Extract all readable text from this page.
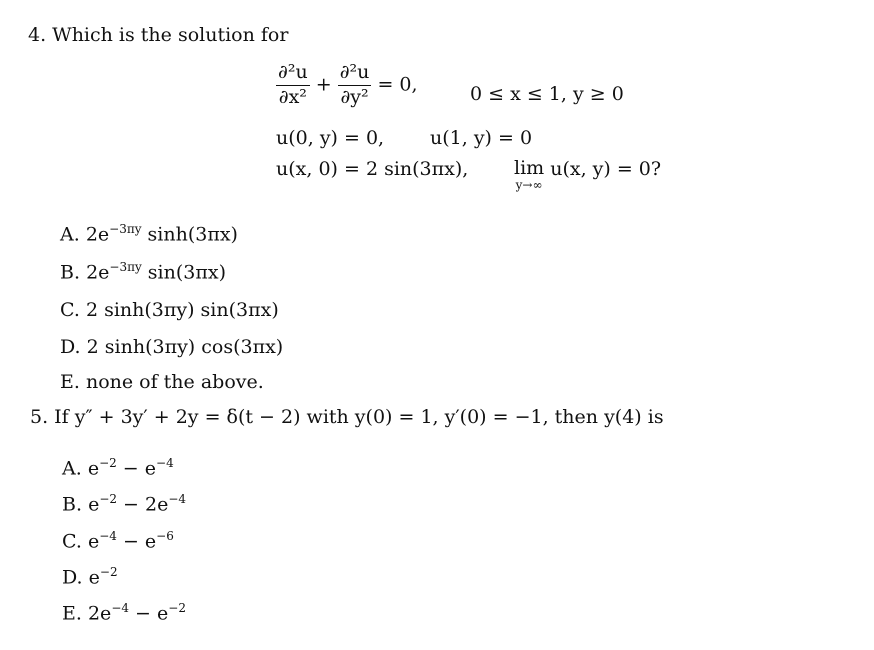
4. Which is the solution for
$\frac{\text{∂²u}}{\text{∂x²}} + \frac{\text{∂²u}}{\text{∂y²}} = 0$,	0 ≤ x ≤ 1, y ≥ 0
u(0, y) = 0, u(1, y) = 0
u(x, 0) = 2 sin(3πx), lim
y→∞
u(x, y) = 0?
A. $2e^{-3\pi y}$ sinh(3πx)
B. $2e^{-3\pi y}$ sin(3πx)
C. 2 sinh(3πy) sin(3πx)
D. 2 sinh(3πy) cos(3πx)
E. none of the above.
5. If y″ + 3y′ + 2y = δ(t − 2) with y(0) = 1, y′(0) = −1, then y(4) is
A. $e^{-2} - e^{-4}$
B. $e^{-2} - 2e^{-4}$
C. $e^{-4} - e^{-6}$
D. $e^{-2}$
E. $2e^{-4} - e^{-2}$
